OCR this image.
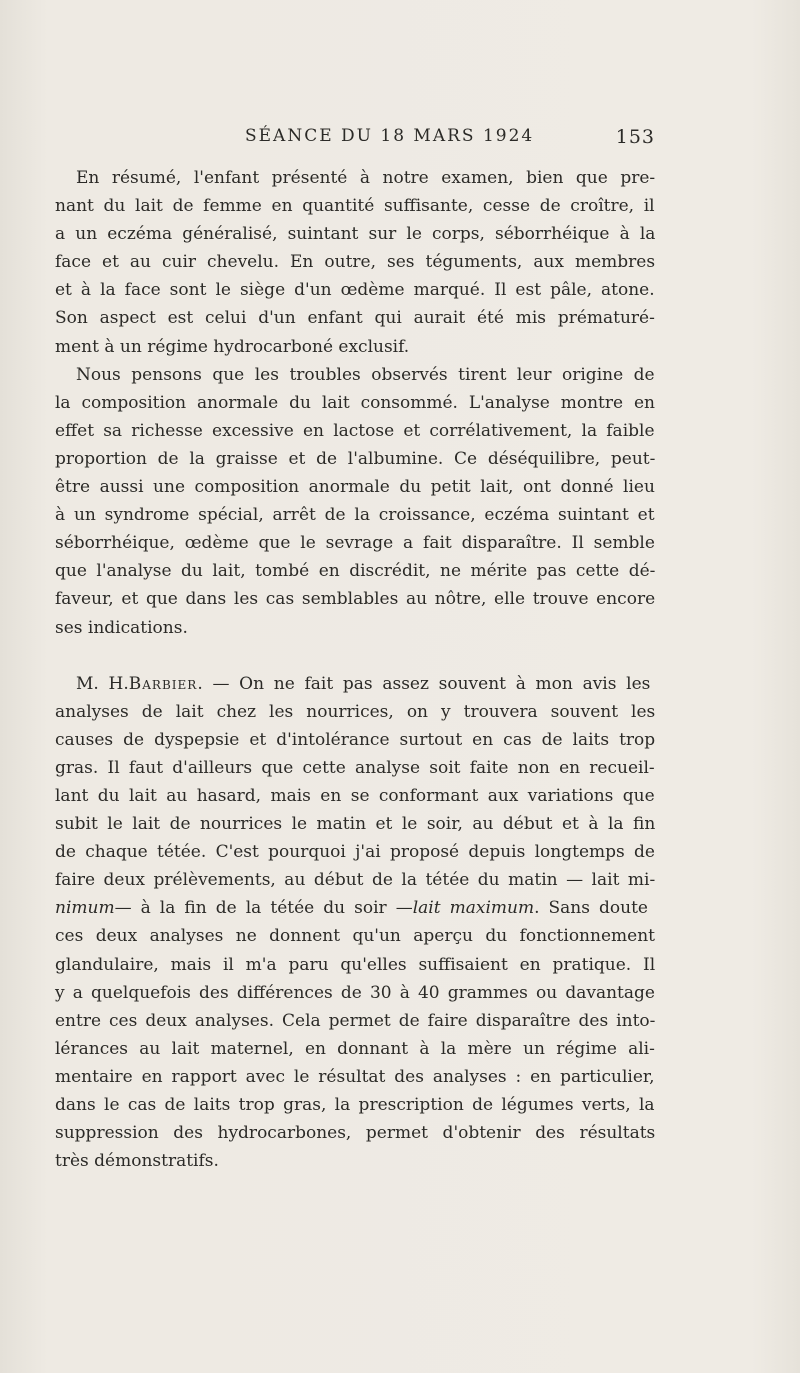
SÉANCE DU 18 MARS 1924	153
En résumé, l'enfant présenté à notre examen, bien que pre-
nant du lait de femme en quantité suffisante, cesse de croître, il
a un eczéma généralisé, suintant sur le corps, séborrhéique à la
face et au cuir chevelu. En outre, ses téguments, aux membres
et à la face sont le siège d'un œdème marqué. Il est pâle, atone.
Son aspect est celui d'un enfant qui aurait été mis prématuré-
ment à un régime hydrocarboné exclusif.
Nous pensons que les troubles observés tirent leur origine de
la composition anormale du lait consommé. L'analyse montre en
effet sa richesse excessive en lactose et corrélativement, la faible
proportion de la graisse et de l'albumine. Ce déséquilibre, peut-
être aussi une composition anormale du petit lait, ont donné lieu
à un syndrome spécial, arrêt de la croissance, eczéma suintant et
séborrhéique, œdème que le sevrage a fait disparaître. Il semble
que l'analyse du lait, tombé en discrédit, ne mérite pas cette dé-
faveur, et que dans les cas semblables au nôtre, elle trouve encore
ses indications.
M. H.Barbier. — On ne fait pas assez souvent à mon avis les
analyses de lait chez les nourrices, on y trouvera souvent les
causes de dyspepsie et d'intolérance surtout en cas de laits trop
gras. Il faut d'ailleurs que cette analyse soit faite non en recueil-
lant du lait au hasard, mais en se conformant aux variations que
subit le lait de nourrices le matin et le soir, au début et à la fin
de chaque tétée. C'est pourquoi j'ai proposé depuis longtemps de
faire deux prélèvements, au début de la tétée du matin — lait mi-
nimum— à la fin de la tétée du soir —lait maximum. Sans doute
ces deux analyses ne donnent qu'un aperçu du fonctionnement
glandulaire, mais il m'a paru qu'elles suffisaient en pratique. Il
y a quelquefois des différences de 30 à 40 grammes ou davantage
entre ces deux analyses. Cela permet de faire disparaître des into-
lérances au lait maternel, en donnant à la mère un régime ali-
mentaire en rapport avec le résultat des analyses : en particulier,
dans le cas de laits trop gras, la prescription de légumes verts, la
suppression des hydrocarbones, permet d'obtenir des résultats
très démonstratifs.
